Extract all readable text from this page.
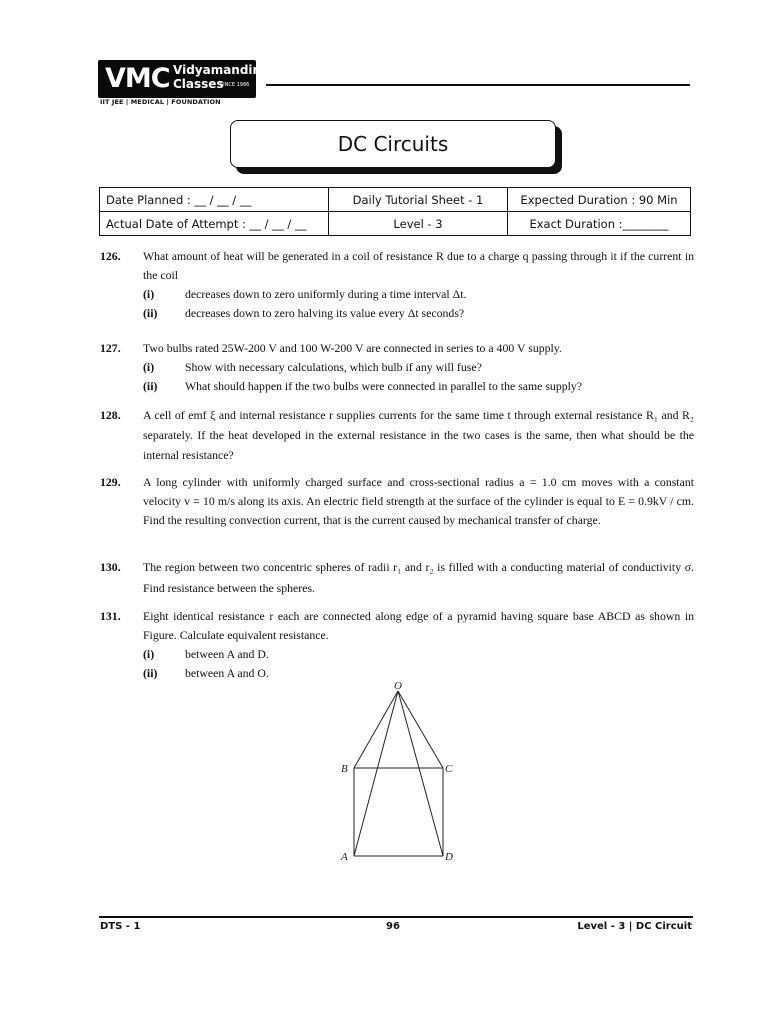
VMC Vidyamandir
Classes
SINCE 1986
IIT JEE | MEDICAL | FOUNDATION
DC Circuits
Date Planned : __ / __ / __	Daily Tutorial Sheet - 1	Expected Duration : 90 Min
Actual Date of Attempt : __ / __ / __	Level - 3	Exact Duration :________
126. What amount of heat will be generated in a coil of resistance R due to a charge q passing through it if the current in the coil
(i)	decreases down to zero uniformly during a time interval Δt.
(ii) decreases down to zero halving its value every Δt seconds?
127. Two bulbs rated 25W-200 V and 100 W-200 V are connected in series to a 400 V supply.
(i)	Show with necessary calculations, which bulb if any will fuse?
(ii) What should happen if the two bulbs were connected in parallel to the same supply?
128. A cell of emf ξ and internal resistance r supplies currents for the same time t through external resistance R₁ and R₂ separately. If the heat developed in the external resistance in the two cases is the same, then what should be the internal resistance?
129. A long cylinder with uniformly charged surface and cross-sectional radius a = 1.0 cm moves with a constant velocity v = 10 m/s along its axis. An electric field strength at the surface of the cylinder is equal to E = 0.9kV / cm. Find the resulting convection current, that is the current caused by mechanical transfer of charge.
130. The region between two concentric spheres of radii r₁ and r₂ is filled with a conducting material of conductivity σ. Find resistance between the spheres.
131. Eight identical resistance r each are connected along edge of a pyramid having square base ABCD as shown in Figure. Calculate equivalent resistance.
(i)	between A and D.
(ii) between A and O.
O
B	C
A	D
DTS - 1	96	Level - 3 | DC Circuit
